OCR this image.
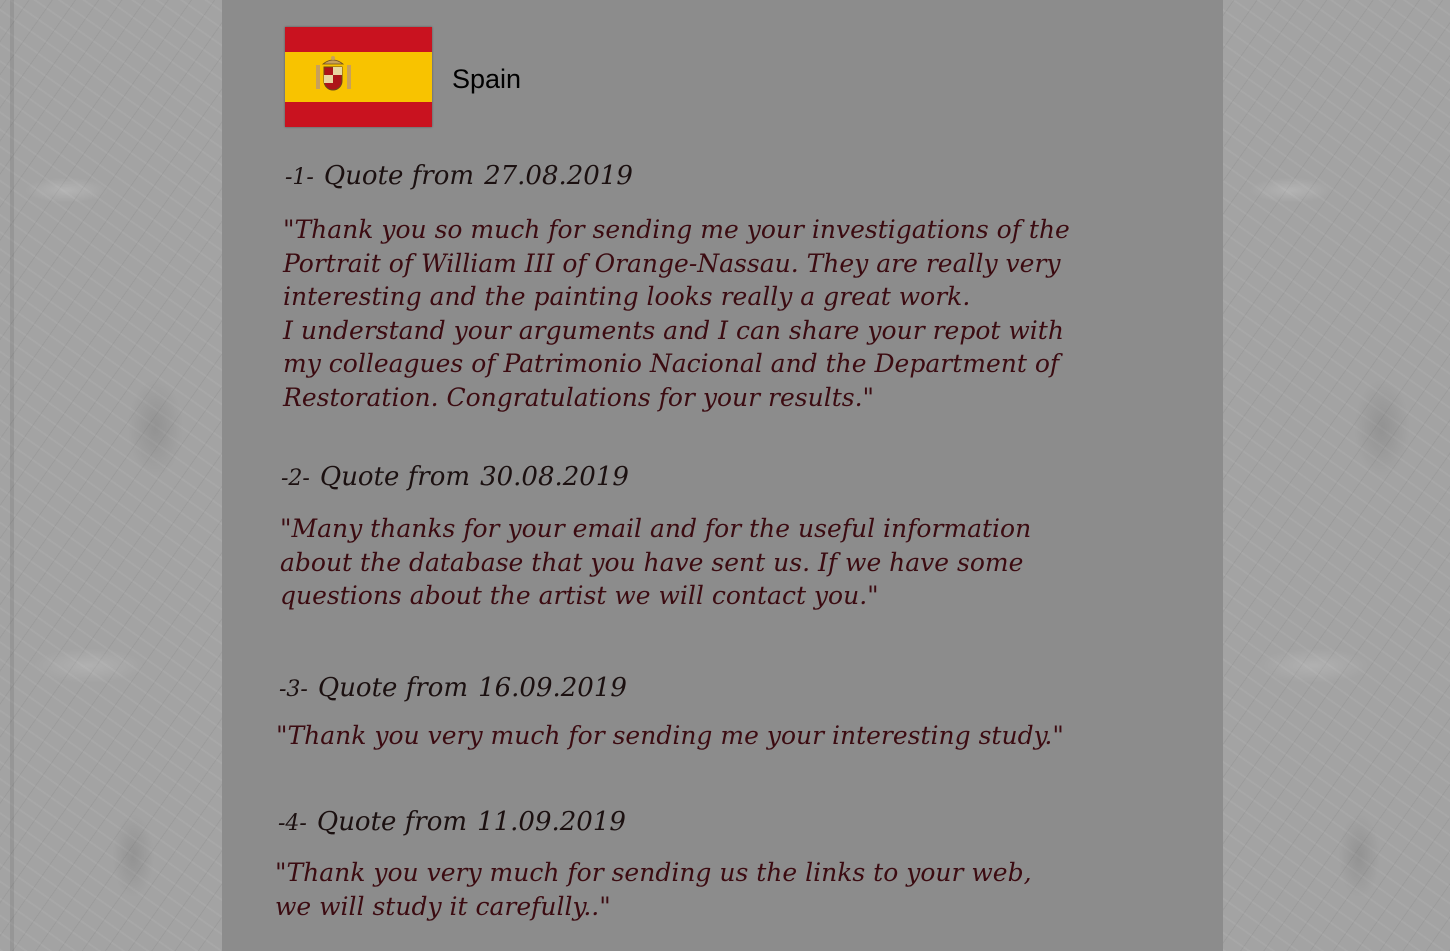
Spain
-1- Quote from 27.08.2019
"Thank you so much for sending me your investigations of the
Portrait of William III of Orange-Nassau. They are really very
interesting and the painting looks really a great work.
I understand your arguments and I can share your repot with
my colleagues of Patrimonio Nacional and the Department of
Restoration. Congratulations for your results."
-2- Quote from 30.08.2019
"Many thanks for your email and for the useful information
about the database that you have sent us. If we have some
questions about the artist we will contact you."
-3- Quote from 16.09.2019
"Thank you very much for sending me your interesting study."
-4- Quote from 11.09.2019
"Thank you very much for sending us the links to your web,
we will study it carefully.."
